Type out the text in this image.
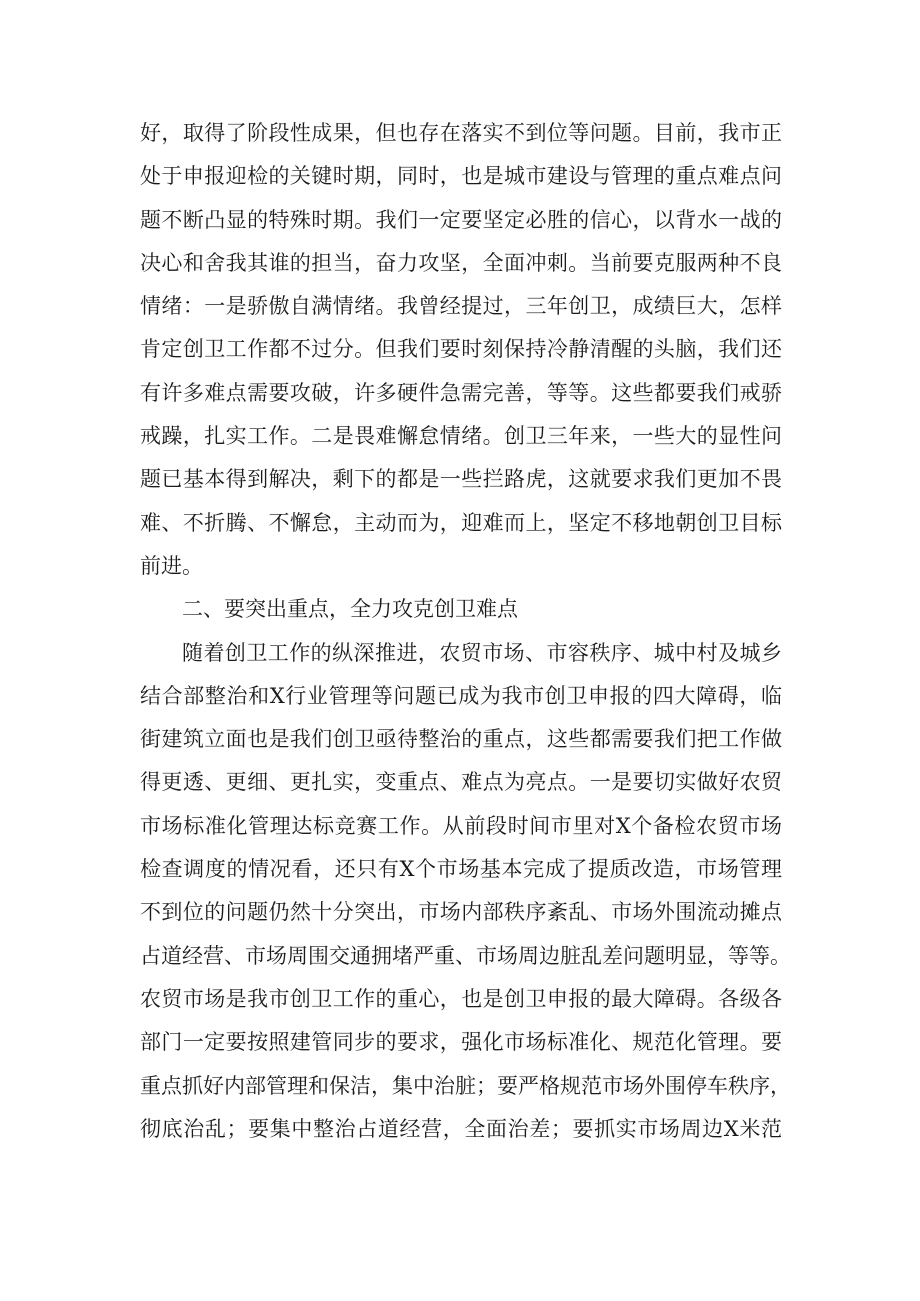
好，取得了阶段性成果，但也存在落实不到位等问题。目前，我市正
处于申报迎检的关键时期，同时，也是城市建设与管理的重点难点问
题不断凸显的特殊时期。我们一定要坚定必胜的信心，以背水一战的
决心和舍我其谁的担当，奋力攻坚，全面冲刺。当前要克服两种不良
情绪：一是骄傲自满情绪。我曾经提过，三年创卫，成绩巨大，怎样
肯定创卫工作都不过分。但我们要时刻保持冷静清醒的头脑，我们还
有许多难点需要攻破，许多硬件急需完善，等等。这些都要我们戒骄
戒躁，扎实工作。二是畏难懈怠情绪。创卫三年来，一些大的显性问
题已基本得到解决，剩下的都是一些拦路虎，这就要求我们更加不畏
难、不折腾、不懈怠，主动而为，迎难而上，坚定不移地朝创卫目标
前进。
二、要突出重点，全力攻克创卫难点
随着创卫工作的纵深推进，农贸市场、市容秩序、城中村及城乡
结合部整治和X行业管理等问题已成为我市创卫申报的四大障碍，临
街建筑立面也是我们创卫亟待整治的重点，这些都需要我们把工作做
得更透、更细、更扎实，变重点、难点为亮点。一是要切实做好农贸
市场标准化管理达标竞赛工作。从前段时间市里对X个备检农贸市场
检查调度的情况看，还只有X个市场基本完成了提质改造，市场管理
不到位的问题仍然十分突出，市场内部秩序紊乱、市场外围流动摊点
占道经营、市场周围交通拥堵严重、市场周边脏乱差问题明显，等等。
农贸市场是我市创卫工作的重心，也是创卫申报的最大障碍。各级各
部门一定要按照建管同步的要求，强化市场标准化、规范化管理。要
重点抓好内部管理和保洁，集中治脏；要严格规范市场外围停车秩序，
彻底治乱；要集中整治占道经营，全面治差；要抓实市场周边X米范
